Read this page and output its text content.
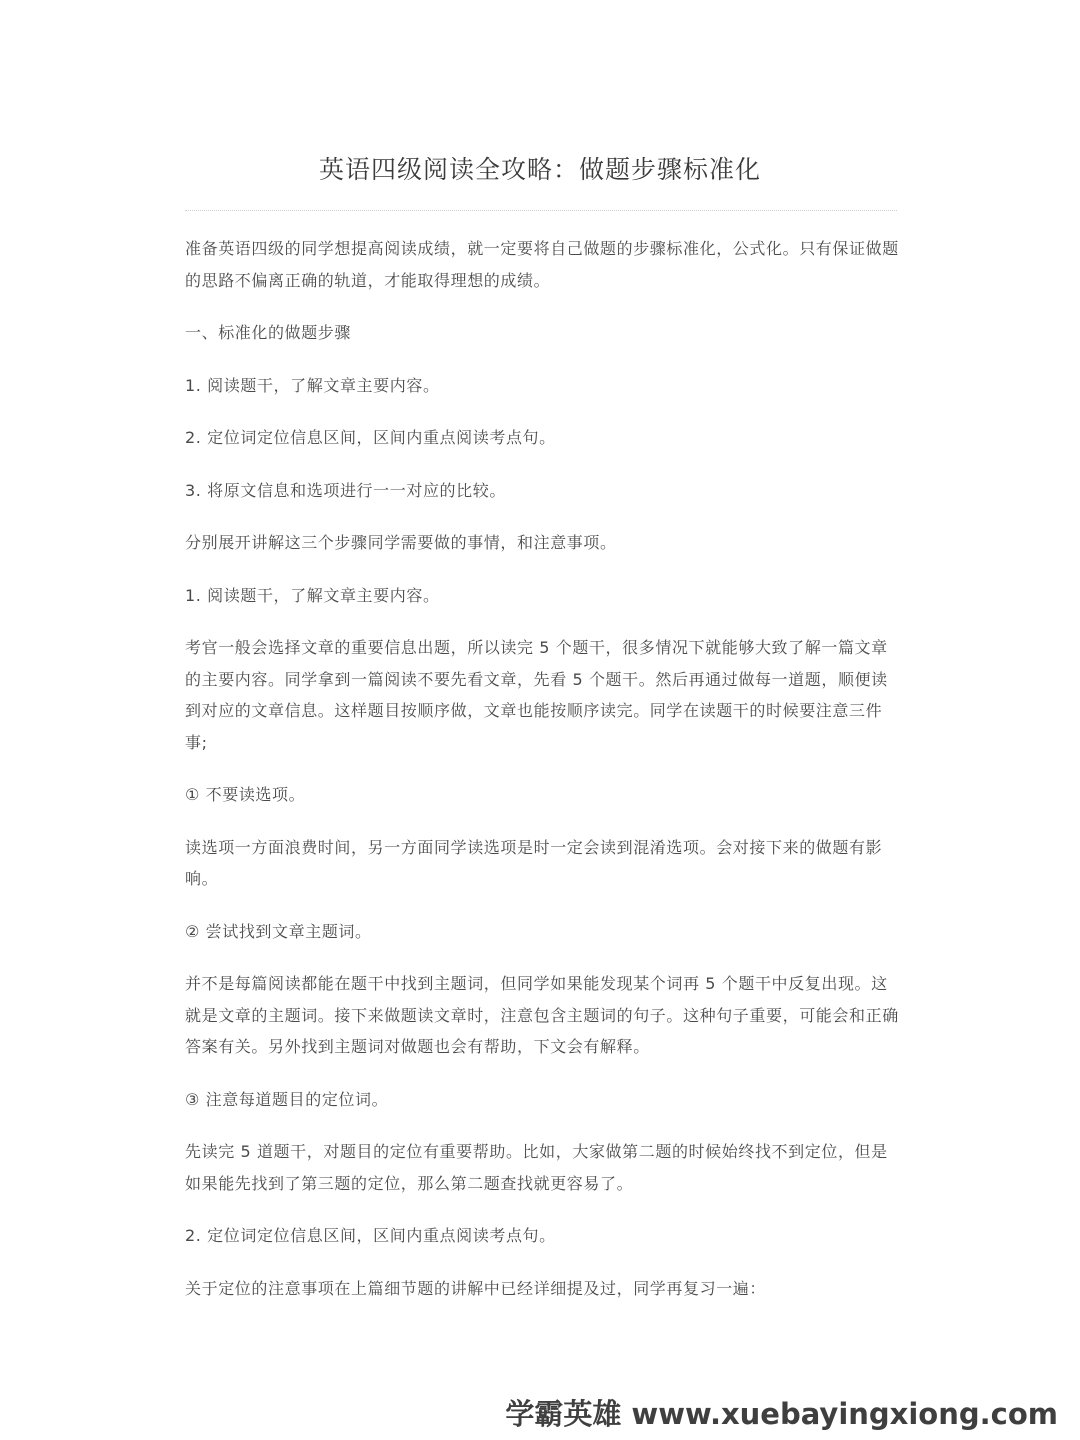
英语四级阅读全攻略：做题步骤标准化

准备英语四级的同学想提高阅读成绩，就一定要将自己做题的步骤标准化，公式化。只有保证做题的思路不偏离正确的轨道，才能取得理想的成绩。

一、标准化的做题步骤

1. 阅读题干，了解文章主要内容。

2. 定位词定位信息区间，区间内重点阅读考点句。

3. 将原文信息和选项进行一一对应的比较。

分别展开讲解这三个步骤同学需要做的事情，和注意事项。

1. 阅读题干，了解文章主要内容。

考官一般会选择文章的重要信息出题，所以读完 5 个题干，很多情况下就能够大致了解一篇文章的主要内容。同学拿到一篇阅读不要先看文章，先看 5 个题干。然后再通过做每一道题，顺便读到对应的文章信息。这样题目按顺序做，文章也能按顺序读完。同学在读题干的时候要注意三件事;

① 不要读选项。

读选项一方面浪费时间，另一方面同学读选项是时一定会读到混淆选项。会对接下来的做题有影响。

② 尝试找到文章主题词。

并不是每篇阅读都能在题干中找到主题词，但同学如果能发现某个词再 5 个题干中反复出现。这就是文章的主题词。接下来做题读文章时，注意包含主题词的句子。这种句子重要，可能会和正确答案有关。另外找到主题词对做题也会有帮助，下文会有解释。

③ 注意每道题目的定位词。

先读完 5 道题干，对题目的定位有重要帮助。比如，大家做第二题的时候始终找不到定位，但是如果能先找到了第三题的定位，那么第二题查找就更容易了。

2. 定位词定位信息区间，区间内重点阅读考点句。

关于定位的注意事项在上篇细节题的讲解中已经详细提及过，同学再复习一遍：

学霸英雄 www.xuebayingxiong.com
